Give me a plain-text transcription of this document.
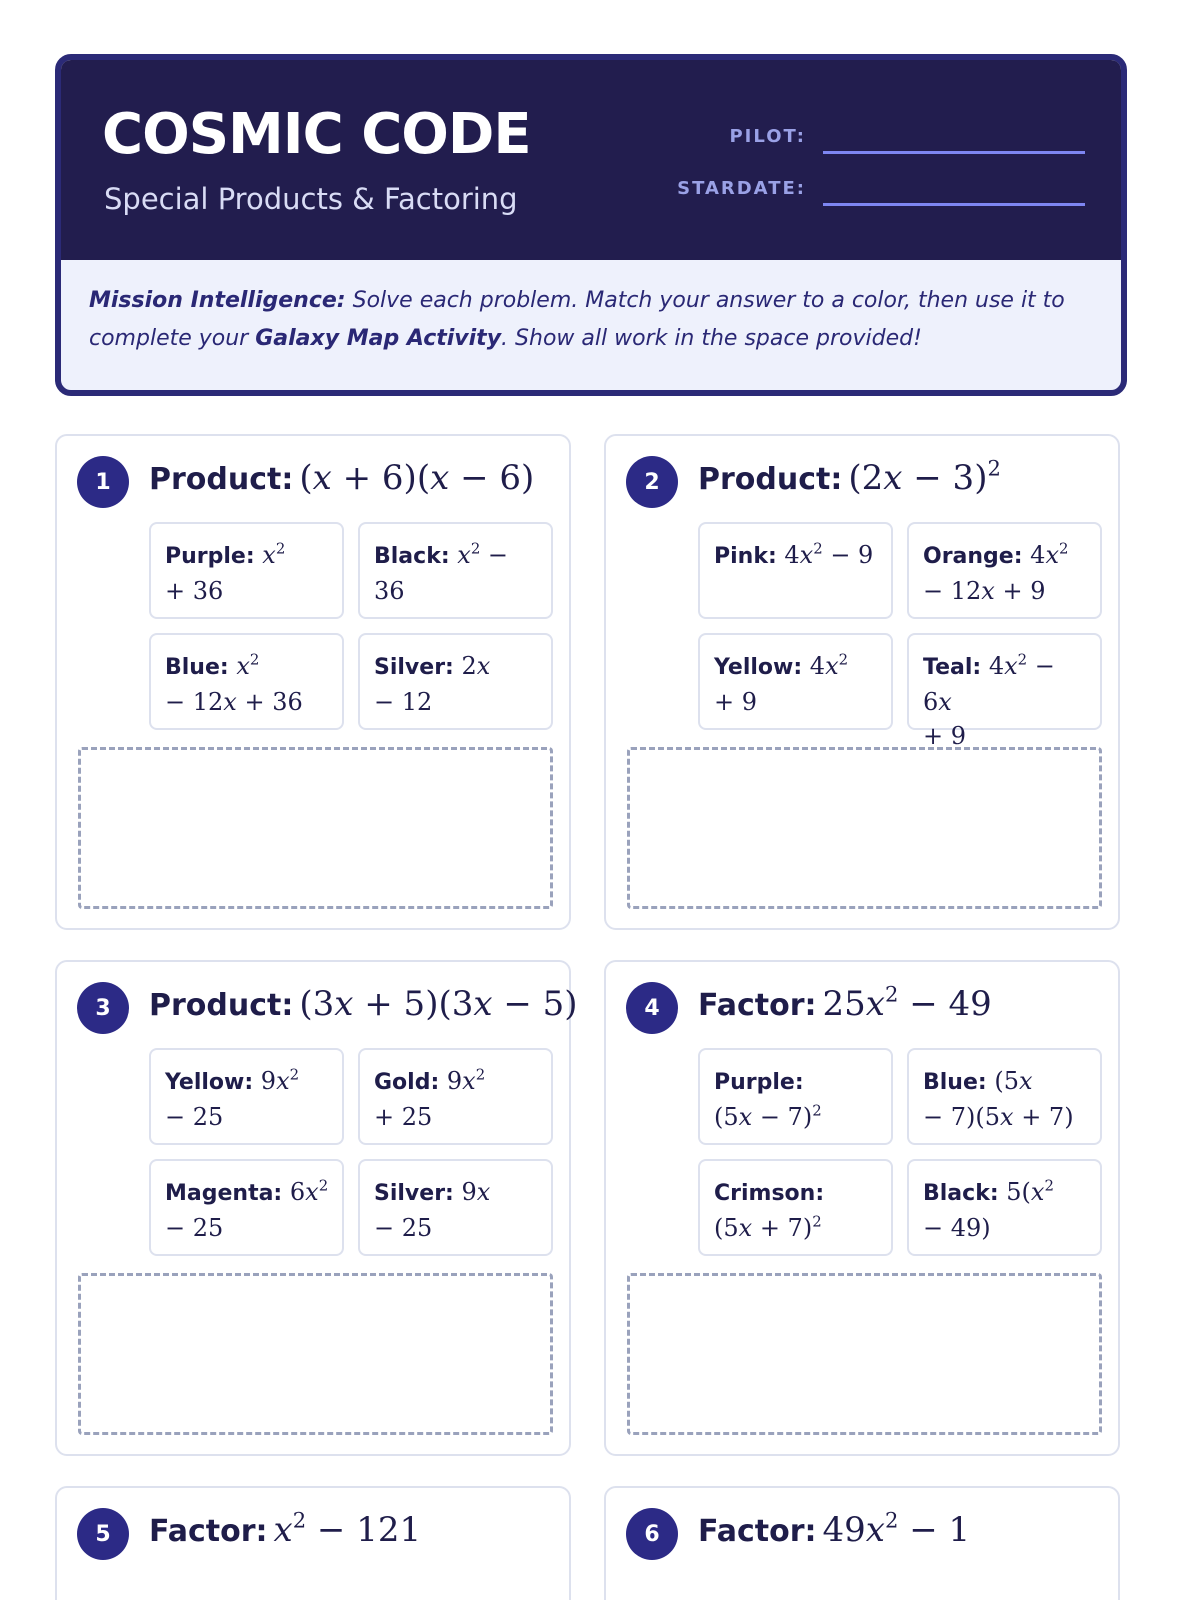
COSMIC CODE
Special Products & Factoring
PILOT:
STARDATE:
Mission Intelligence: Solve each problem. Match your answer to a color, then use it to complete your Galaxy Map Activity. Show all work in the space provided!
1	Product: (x + 6)(x − 6)
Purple: $x^2$
+ 36
Black: $x^2 - 36$
Blue: $x^2$
− 12x + 36
Silver: 2x
− 12
2	Product: $(2x - 3)^2$
Pink: $4x^2 - 9$	Orange: $4x^2$
− 12x + 9
Yellow: $4x^2$
+ 9
Teal: $4x^2 - 6x$
+ 9
3	Product: (3x + 5)(3x − 5)
Yellow: $9x^2$
− 25
Gold: $9x^2$
+ 25
Magenta: $6x^2$
− 25
Silver: 9x
− 25
4	Factor: $25x^2 - 49$
Purple:
$(5x - 7)^2$
Blue: (5x
− 7)(5x + 7)
Crimson:
$(5x + 7)^2$
Black: $5(x^2$
− 49)
5	Factor: $x^2 - 121$	6	Factor: $49x^2 - 1$
